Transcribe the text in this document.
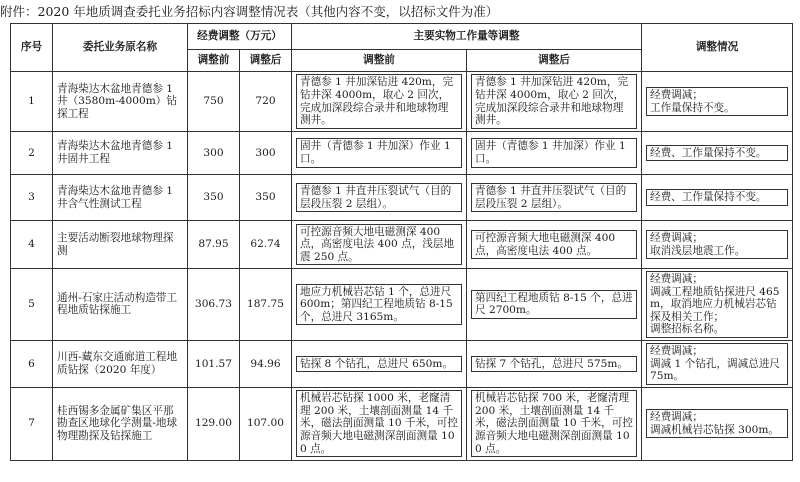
附件：2020 年地质调查委托业务招标内容调整情况表（其他内容不变，以招标文件为准）
序号	委托业务原名称	经费调整（万元）		主要实物工作量等调整		调整情况
		调整前	调整后	调整前	调整后	

1	青海柴达木盆地青德参 1 井（3580m-4000m）钻探工程	750	720	青德参 1 井加深钻进 420m，完钻井深 4000m，取心 2 回次，完成加深段综合录井和地球物理测井。	青德参 1 井加深钻进 420m，完钻井深 4000m，取心 2 回次，完成加深段综合录井和地球物理测井。	经费调减；
工作量保持不变。

2	青海柴达木盆地青德参 1 井固井工程	300	300	固井（青德参 1 井加深）作业 1 口。	固井（青德参 1 井加深）作业 1 口。	经费、工作量保持不变。

3	青海柴达木盆地青德参 1 井含气性测试工程	350	350	青德参 1 井直井压裂试气（目的层段压裂 2 层组）。	青德参 1 井直井压裂试气（目的层段压裂 2 层组）。	经费、工作量保持不变。

4	主要活动断裂地球物理探测	87.95	62.74	可控源音频大地电磁测深 400 点，高密度电法 400 点，浅层地震 250 点。	可控源音频大地电磁测深 400 点，高密度电法 400 点。	经费调减；
取消浅层地震工作。

5	通州-石家庄活动构造带工程地质钻探施工	306.73	187.75	地应力机械岩芯钻 1 个，总进尺 600m；第四纪工程地质钻 8-15 个，总进尺 3165m。	第四纪工程地质钻 8-15 个，总进尺 2700m。	经费调减；
调减工程地质钻探进尺 465m，取消地应力机械岩芯钻探及相关工作；
调整招标名称。

6	川西-藏东交通廊道工程地质钻探（2020 年度）	101.57	94.96	钻探 8 个钻孔，总进尺 650m。	钻探 7 个钻孔，总进尺 575m。	经费调减；
调减 1 个钻孔，调减总进尺 75m。

7	桂西锡多金属矿集区平那勘查区地球化学测量-地球物理勘探及钻探施工	129.00	107.00	机械岩芯钻探 1000 米，老窿清理 200 米，土壤剖面测量 14 千米，磁法剖面测量 10 千米，可控源音频大地电磁测深剖面测量 100 点。	机械岩芯钻探 700 米，老窿清理 200 米，土壤剖面测量 14 千米，磁法剖面测量 10 千米，可控源音频大地电磁测深剖面测量 100 点。	经费调减；
调减机械岩芯钻探 300m。
